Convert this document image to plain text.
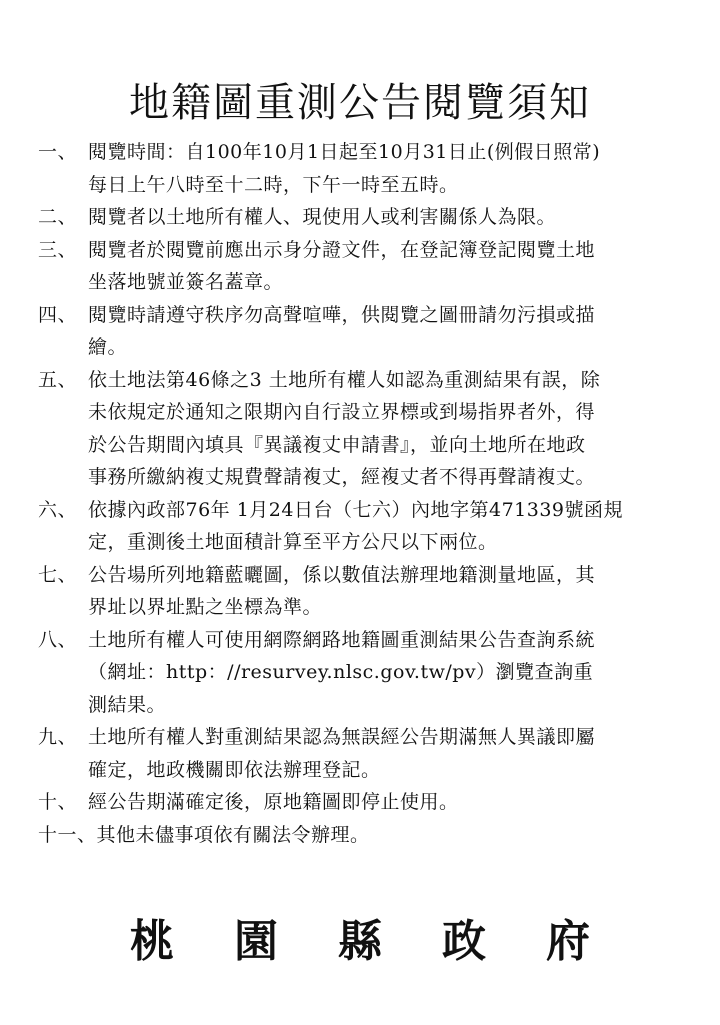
地籍圖重測公告閱覽須知
一、 閱覽時間：自100年10月1日起至10月31日止(例假日照常)
每日上午八時至十二時，下午一時至五時。
二、 閱覽者以土地所有權人、現使用人或利害關係人為限。
三、 閱覽者於閱覽前應出示身分證文件，在登記簿登記閱覽土地
坐落地號並簽名蓋章。
四、 閱覽時請遵守秩序勿高聲喧嘩，供閱覽之圖冊請勿污損或描
繪。
五、 依土地法第46條之3 土地所有權人如認為重測結果有誤，除
未依規定於通知之限期內自行設立界標或到場指界者外，得
於公告期間內填具『異議複丈申請書』，並向土地所在地政
事務所繳納複丈規費聲請複丈，經複丈者不得再聲請複丈。
六、 依據內政部76年 1月24日台（七六）內地字第471339號函規
定，重測後土地面積計算至平方公尺以下兩位。
七、 公告場所列地籍藍曬圖，係以數值法辦理地籍測量地區，其
界址以界址點之坐標為準。
八、 土地所有權人可使用網際網路地籍圖重測結果公告查詢系統
（網址：http：//resurvey.nlsc.gov.tw/pv）瀏覽查詢重
測結果。
九、 土地所有權人對重測結果認為無誤經公告期滿無人異議即屬
確定，地政機關即依法辦理登記。
十、 經公告期滿確定後，原地籍圖即停止使用。
十一、 其他未儘事項依有關法令辦理。
桃園縣政府
